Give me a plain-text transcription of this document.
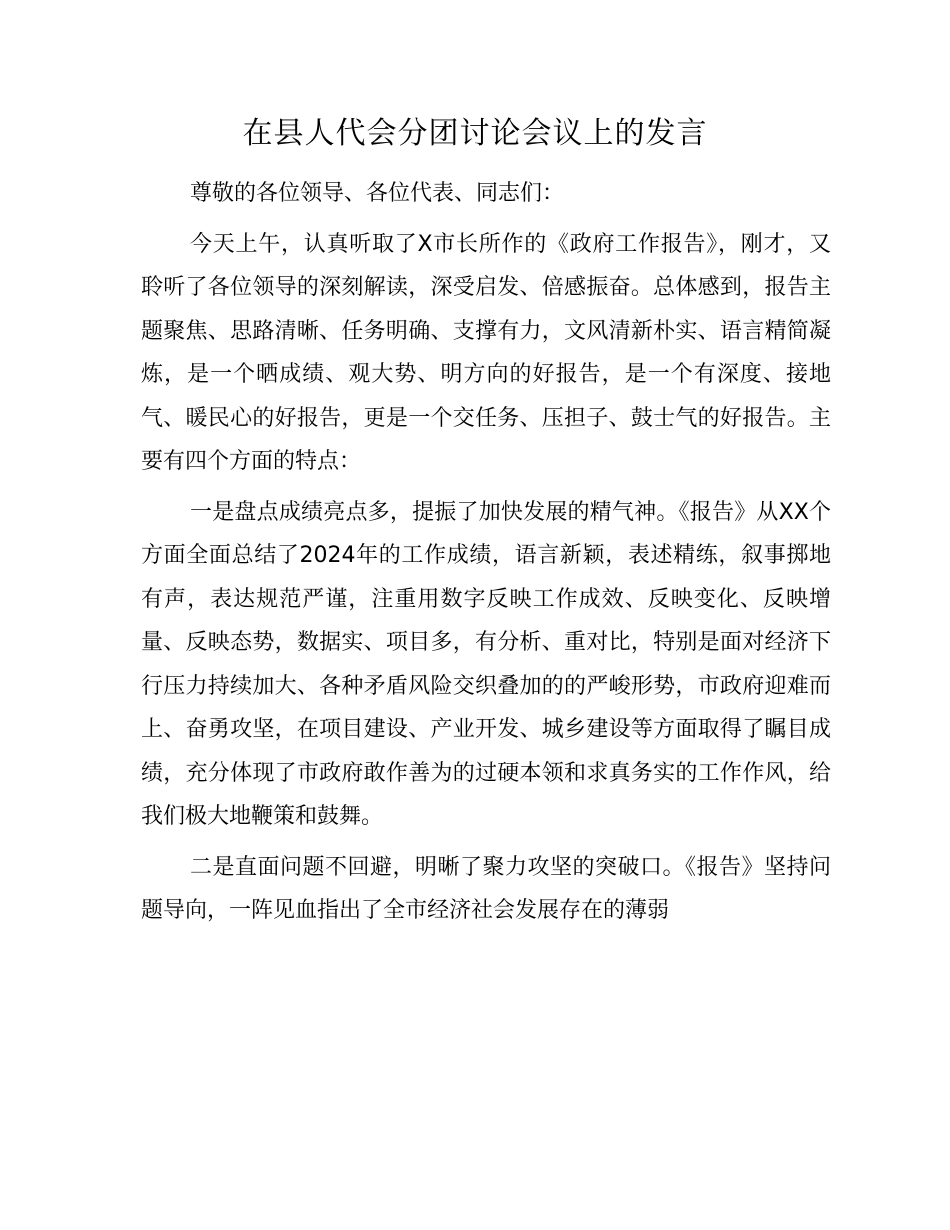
在县人代会分团讨论会议上的发言

尊敬的各位领导、各位代表、同志们：

今天上午，认真听取了X市长所作的《政府工作报告》，刚才，又聆听了各位领导的深刻解读，深受启发、倍感振奋。总体感到，报告主题聚焦、思路清晰、任务明确、支撑有力，文风清新朴实、语言精简凝炼，是一个晒成绩、观大势、明方向的好报告，是一个有深度、接地气、暖民心的好报告，更是一个交任务、压担子、鼓士气的好报告。主要有四个方面的特点：

一是盘点成绩亮点多，提振了加快发展的精气神。《报告》从XX个方面全面总结了2024年的工作成绩，语言新颖，表述精练，叙事掷地有声，表达规范严谨，注重用数字反映工作成效、反映变化、反映增量、反映态势，数据实、项目多，有分析、重对比，特别是面对经济下行压力持续加大、各种矛盾风险交织叠加的的严峻形势，市政府迎难而上、奋勇攻坚，在项目建设、产业开发、城乡建设等方面取得了瞩目成绩，充分体现了市政府敢作善为的过硬本领和求真务实的工作作风，给我们极大地鞭策和鼓舞。

二是直面问题不回避，明晰了聚力攻坚的突破口。《报告》坚持问题导向，一阵见血指出了全市经济社会发展存在的薄弱
